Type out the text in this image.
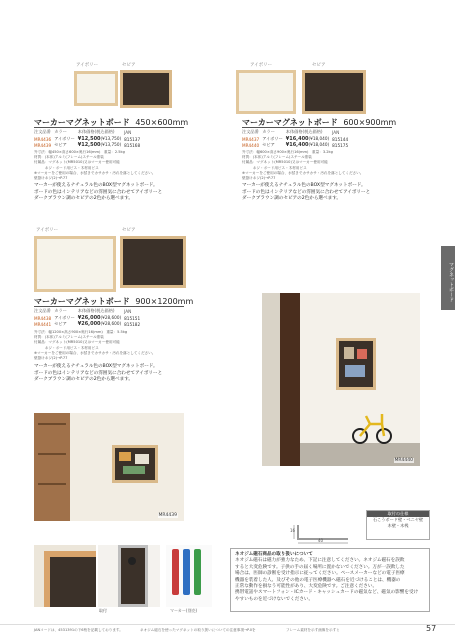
マグネットボード
アイボリー	セピア
マーカーマグネットボード 450×600mm
注文品番	カラー	本体価格(税込価格)	JAN
MR4436	アイボリー	¥12,500(¥13,750)	815137
MR4439	セピア	¥12,500(¥13,750)	815168
外寸法：幅450×高さ600×奥行16(mm)　重量：2.5kg
材質：(本体)アルミ(フレーム)スチール塗装
付属品：マグネット(MR5010)又はマーカー使用可能
　　　ネジ・ボード用ビス・木材用ビス
※マーカーをご使用の場合、水拭きでカサカサ・汚れを落としてください。
壁掛けネジ(2)→P.77
マーカーが使えるナチュラル色のBOX型マグネットボード。
ボードの色はインテリアなどの雰囲気に合わせてアイボリーと
ダークブラウン調のセピアの2色から選べます。
アイボリー	セピア
マーカーマグネットボード 600×900mm
注文品番	カラー	本体価格(税込価格)	JAN
MR4437	アイボリー	¥16,400(¥18,040)	815144
MR4440	セピア	¥16,400(¥18,040)	815175
外寸法：幅600×高さ900×奥行16(mm)　重量：3.2kg
材質：(本体)アルミ(フレーム)スチール塗装
付属品：マグネット(MR5010)又はマーカー使用可能
　　　ネジ・ボード用ビス・木材用ビス
※マーカーをご使用の場合、水拭きでカサカサ・汚れを落としてください。
壁掛けネジ(2)→P.77
マーカーが使えるナチュラル色のBOX型マグネットボード。
ボードの色はインテリアなどの雰囲気に合わせてアイボリーと
ダークブラウン調のセピアの2色から選べます。
アイボリー	セピア
マーカーマグネットボード 900×1200mm
注文品番	カラー	本体価格(税込価格)	JAN
MR4438	アイボリー	¥26,000(¥28,600)	815151
MR4441	セピア	¥26,000(¥28,600)	815182
外寸法：幅1200×高さ900×奥行16(mm)　重量：5.5kg
材質：(本体)アルミ(フレーム)スチール塗装
付属品：マグネット(MR5010)又はマーカー使用可能
　　　ネジ・ボード用ビス・木材用ビス
※マーカーをご使用の場合、水拭きでカサカサ・汚れを落としてください。
壁掛けネジ(2)→P.77
マーカーが使えるナチュラル色のBOX型マグネットボード。
ボードの色はインテリアなどの雰囲気に合わせてアイボリーと
ダークブラウン調のセピアの2色から選べます。
MR4440
MR4439
16
40
取付の仕様
石こうボード壁・ベニヤ壁
木壁・木桟
取付	マーカー(別売)
ネオジム磁石商品の取り扱いについて
ネオジム磁石は磁力が強力なため、下記に注意してください。ネオジム磁石を誤飲
すると大変危険です。子供の手の届く場所に置かないでください。万が一誤飲した
場合は、医師の診断を受け指示に従ってください。ペースメーカーなどの電子医療
機器を装着した人、及びその他の電子医療機器へ磁石を近づけることは、機器の
正常な動作を損なう可能性があり、大変危険です。ご注意ください。
携帯電話やスマートフォン・ICカード・キャッシュカードの磁気など、磁気の影響を受け
やすいものを近づけないでください。
JANコードは、4531391の下6桁を記載しております。	ネオジム磁石を使ったマグネットの取り扱いについての注意事項→P.0を	フレーム素材を示す画像を示すと	57
